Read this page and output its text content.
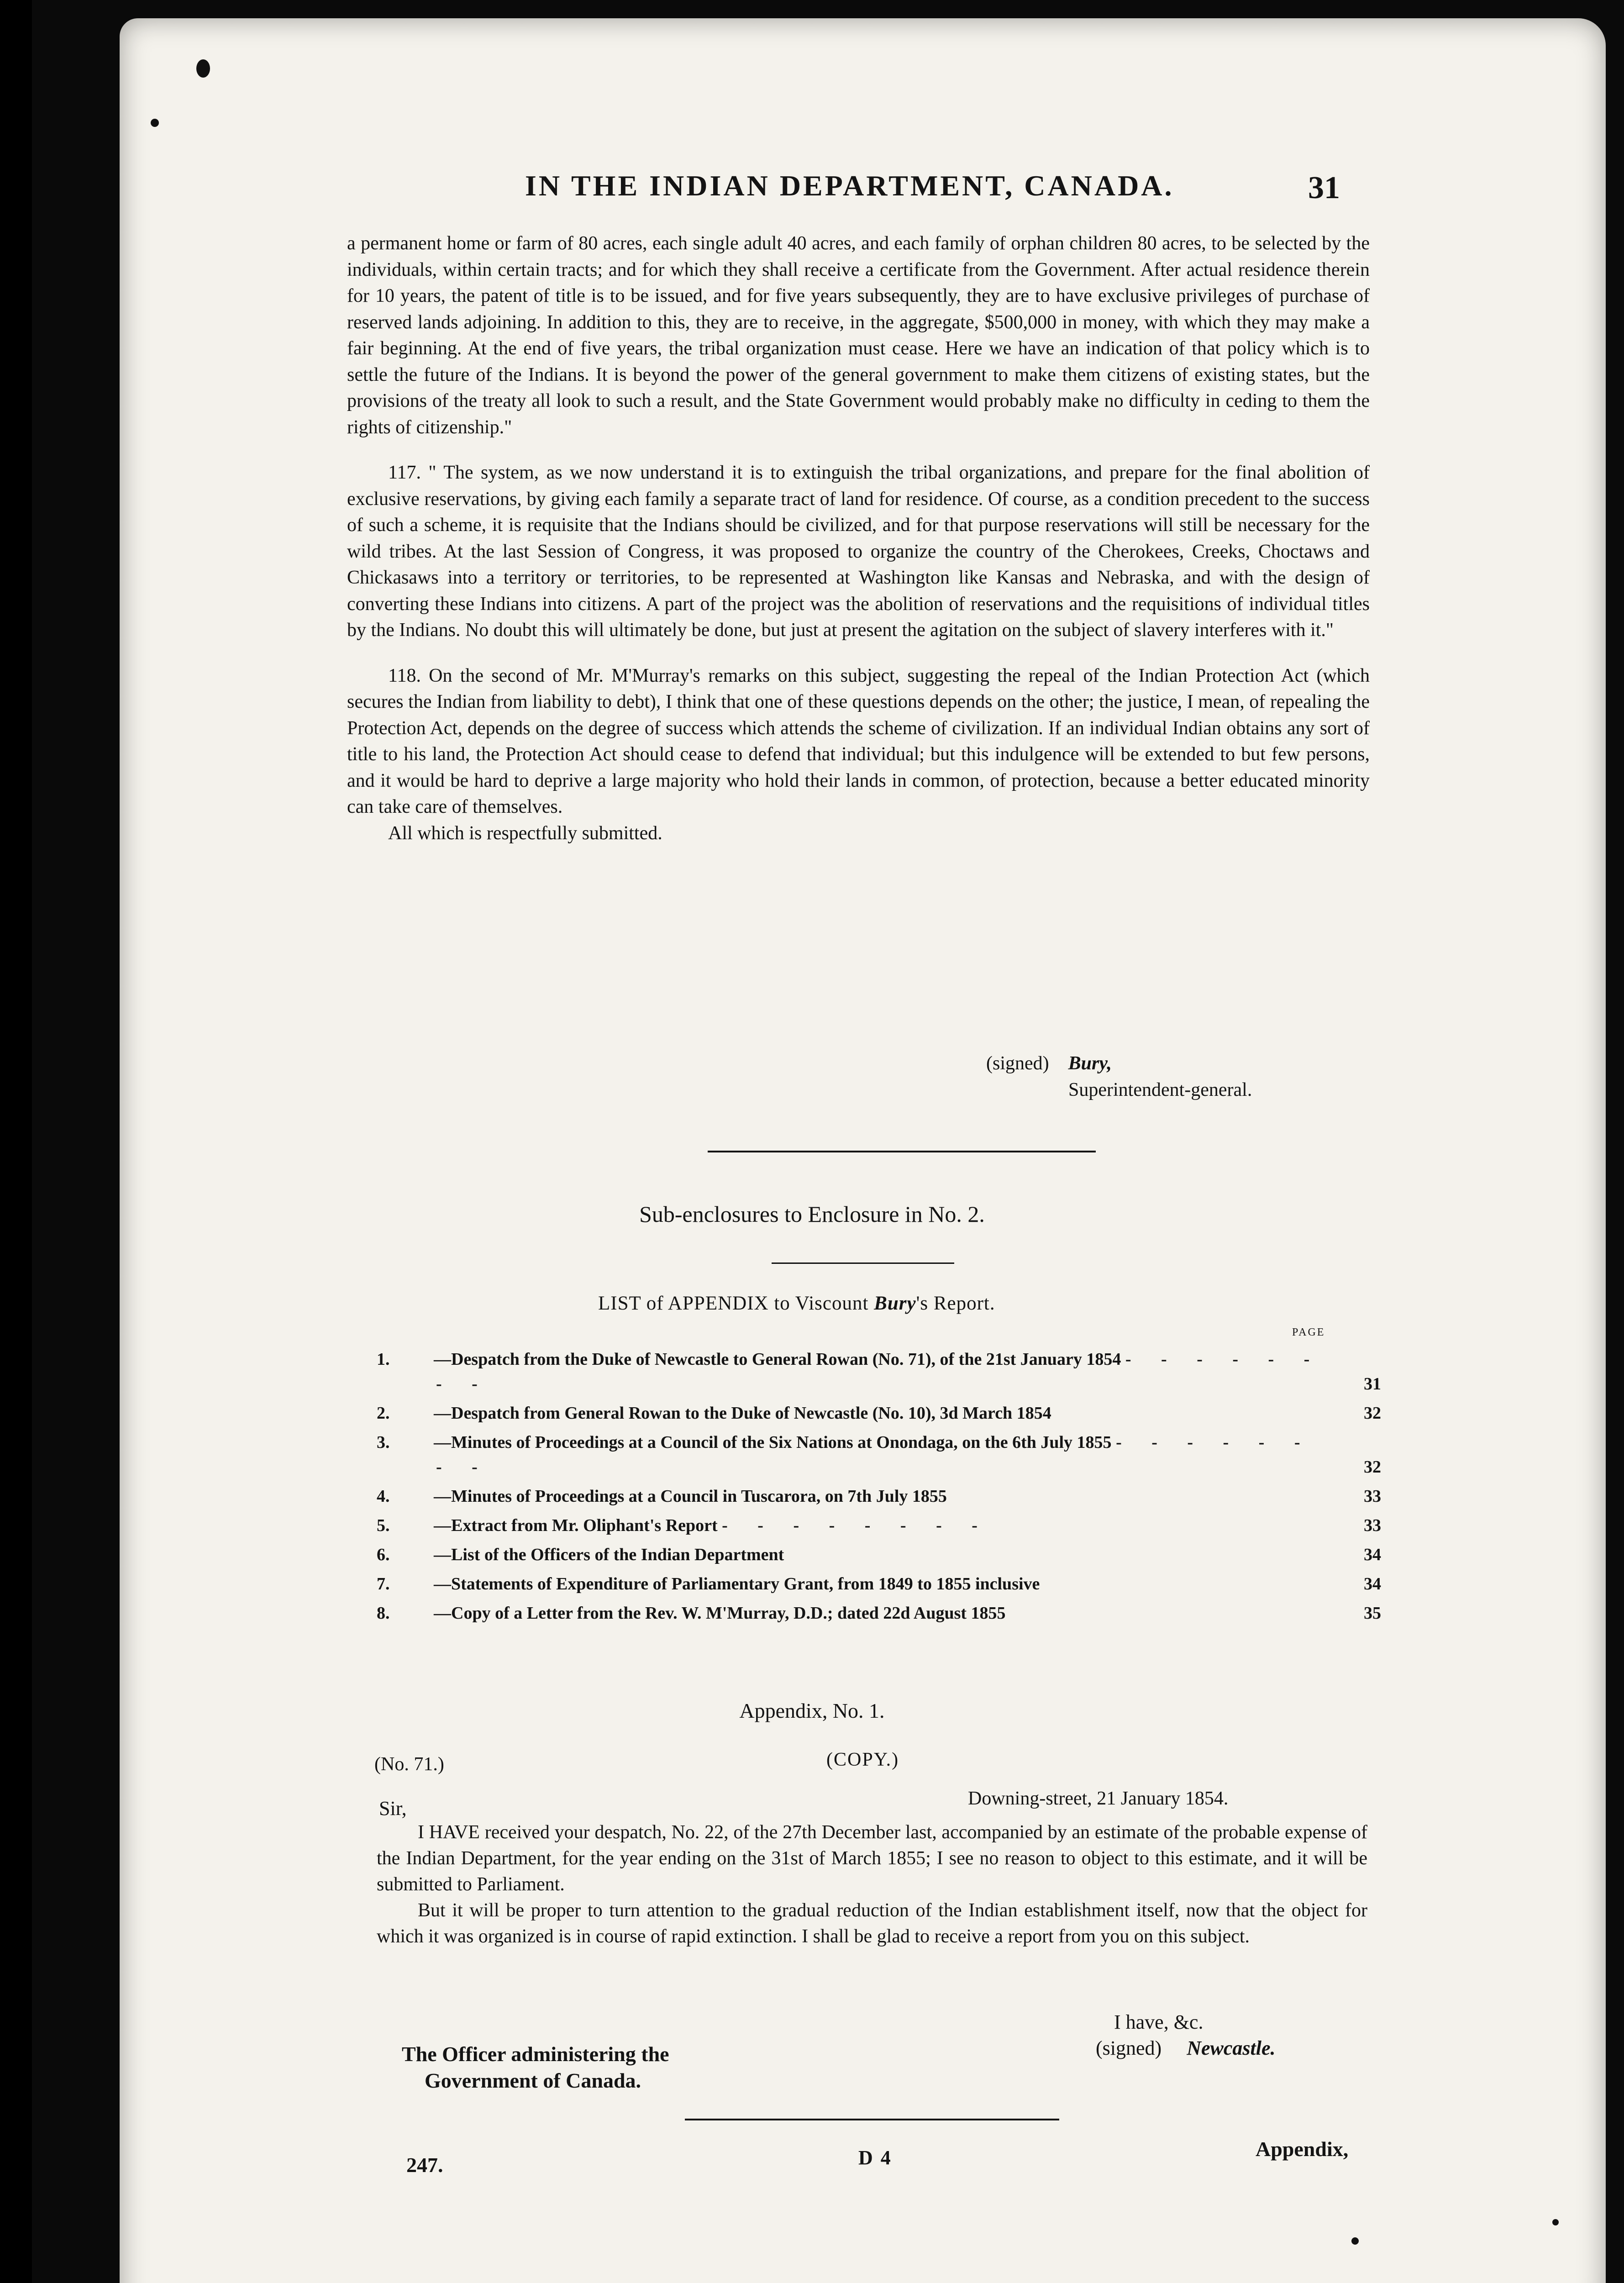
IN THE INDIAN DEPARTMENT, CANADA.	31

a permanent home or farm of 80 acres, each single adult 40 acres, and each family of orphan children 80 acres, to be selected by the individuals, within certain tracts; and for which they shall receive a certificate from the Government. After actual residence therein for 10 years, the patent of title is to be issued, and for five years subsequently, they are to have exclusive privileges of purchase of reserved lands adjoining. In addition to this, they are to receive, in the aggregate, $500,000 in money, with which they may make a fair beginning. At the end of five years, the tribal organization must cease. Here we have an indication of that policy which is to settle the future of the Indians. It is beyond the power of the general government to make them citizens of existing states, but the provisions of the treaty all look to such a result, and the State Government would probably make no difficulty in ceding to them the rights of citizenship."

117. " The system, as we now understand it is to extinguish the tribal organizations, and prepare for the final abolition of exclusive reservations, by giving each family a separate tract of land for residence. Of course, as a condition precedent to the success of such a scheme, it is requisite that the Indians should be civilized, and for that purpose reservations will still be necessary for the wild tribes. At the last Session of Congress, it was proposed to organize the country of the Cherokees, Creeks, Choctaws and Chickasaws into a territory or territories, to be represented at Washington like Kansas and Nebraska, and with the design of converting these Indians into citizens. A part of the project was the abolition of reservations and the requisitions of individual titles by the Indians. No doubt this will ultimately be done, but just at present the agitation on the subject of slavery interferes with it."

118. On the second of Mr. M'Murray's remarks on this subject, suggesting the repeal of the Indian Protection Act (which secures the Indian from liability to debt), I think that one of these questions depends on the other; the justice, I mean, of repealing the Protection Act, depends on the degree of success which attends the scheme of civilization. If an individual Indian obtains any sort of title to his land, the Protection Act should cease to defend that individual; but this indulgence will be extended to but few persons, and it would be hard to deprive a large majority who hold their lands in common, of protection, because a better educated minority can take care of themselves.

All which is respectfully submitted.

(signed) Bury,
Superintendent-general.
Sub-enclosures to Enclosure in No. 2.
LIST of APPENDIX to Viscount Bury's Report.
PAGE
1.	—Despatch from the Duke of Newcastle to General Rowan (No. 71), of the 21st January 1854 - - - - - - - -	31
2.	—Despatch from General Rowan to the Duke of Newcastle (No. 10), 3d March 1854	32
3.	—Minutes of Proceedings at a Council of the Six Nations at Onondaga, on the 6th July 1855 - - - - - - - -	32
4.	—Minutes of Proceedings at a Council in Tuscarora, on 7th July 1855	33
5.	—Extract from Mr. Oliphant's Report - - - - - - - -	33
6.	—List of the Officers of the Indian Department	34
7.	—Statements of Expenditure of Parliamentary Grant, from 1849 to 1855 inclusive	34
8.	—Copy of a Letter from the Rev. W. M'Murray, D.D.; dated 22d August 1855	35
Appendix, No. 1.
(No. 71.)	(COPY.)
Downing-street, 21 January 1854.
Sir,

I HAVE received your despatch, No. 22, of the 27th December last, accompanied by an estimate of the probable expense of the Indian Department, for the year ending on the 31st of March 1855; I see no reason to object to this estimate, and it will be submitted to Parliament.

But it will be proper to turn attention to the gradual reduction of the Indian establishment itself, now that the object for which it was organized is in course of rapid extinction. I shall be glad to receive a report from you on this subject.

I have, &c.
(signed) Newcastle.
The Officer administering the
Government of Canada.
247.	D 4	Appendix,
